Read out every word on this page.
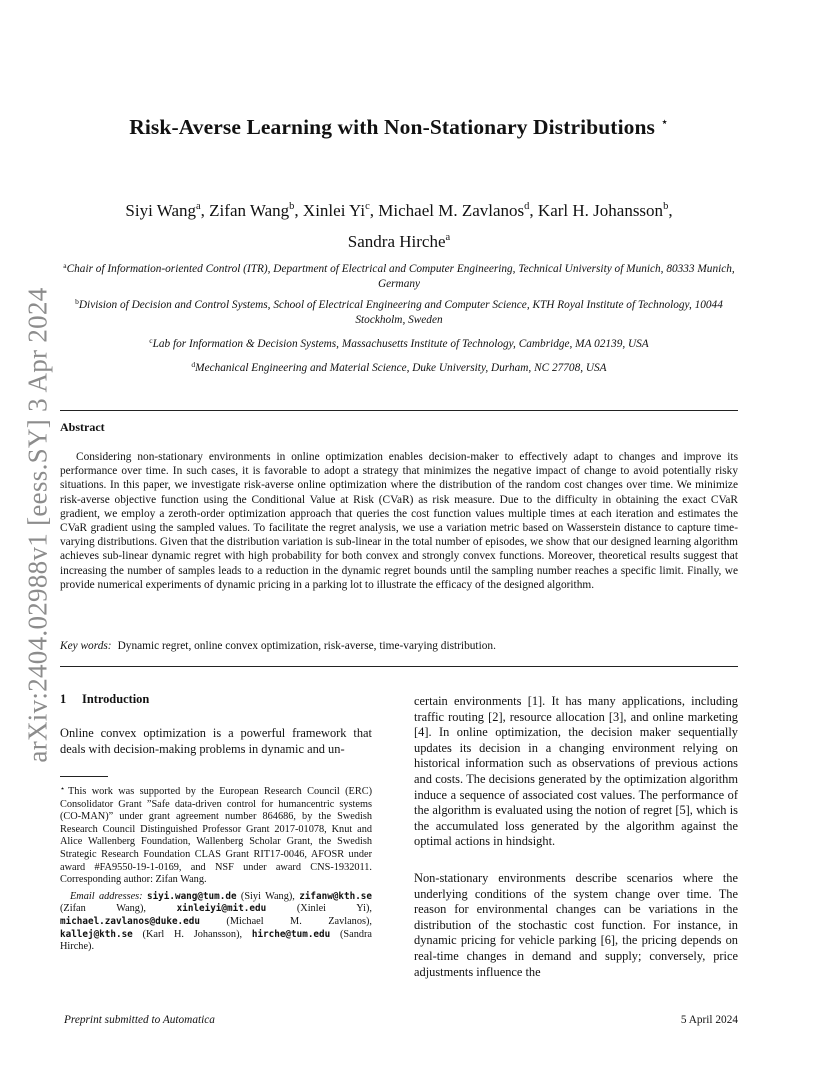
arXiv:2404.02988v1 [eess.SY] 3 Apr 2024
Risk-Averse Learning with Non-Stationary Distributions ⋆
Siyi Wang$^a$, Zifan Wang$^b$, Xinlei Yi$^c$, Michael M. Zavlanos$^d$, Karl H. Johansson$^b$,
Sandra Hirche$^a$
$^a$Chair of Information-oriented Control (ITR), Department of Electrical and Computer Engineering, Technical University of Munich, 80333 Munich, Germany
$^b$Division of Decision and Control Systems, School of Electrical Engineering and Computer Science, KTH Royal Institute of Technology, 10044 Stockholm, Sweden
$^c$Lab for Information & Decision Systems, Massachusetts Institute of Technology, Cambridge, MA 02139, USA
$^d$Mechanical Engineering and Material Science, Duke University, Durham, NC 27708, USA
Abstract
Considering non-stationary environments in online optimization enables decision-maker to effectively adapt to changes and improve its performance over time. In such cases, it is favorable to adopt a strategy that minimizes the negative impact of change to avoid potentially risky situations. In this paper, we investigate risk-averse online optimization where the distribution of the random cost changes over time. We minimize risk-averse objective function using the Conditional Value at Risk (CVaR) as risk measure. Due to the difficulty in obtaining the exact CVaR gradient, we employ a zeroth-order optimization approach that queries the cost function values multiple times at each iteration and estimates the CVaR gradient using the sampled values. To facilitate the regret analysis, we use a variation metric based on Wasserstein distance to capture time-varying distributions. Given that the distribution variation is sub-linear in the total number of episodes, we show that our designed learning algorithm achieves sub-linear dynamic regret with high probability for both convex and strongly convex functions. Moreover, theoretical results suggest that increasing the number of samples leads to a reduction in the dynamic regret bounds until the sampling number reaches a specific limit. Finally, we provide numerical experiments of dynamic pricing in a parking lot to illustrate the efficacy of the designed algorithm.
Key words: Dynamic regret, online convex optimization, risk-averse, time-varying distribution.
1 Introduction
Online convex optimization is a powerful framework that deals with decision-making problems in dynamic and un-
⋆ This work was supported by the European Research Council (ERC) Consolidator Grant ”Safe data-driven control for humancentric systems (CO-MAN)” under grant agreement number 864686, by the Swedish Research Council Distinguished Professor Grant 2017-01078, Knut and Alice Wallenberg Foundation, Wallenberg Scholar Grant, the Swedish Strategic Research Foundation CLAS Grant RIT17-0046, AFOSR under award #FA9550-19-1-0169, and NSF under award CNS-1932011. Corresponding author: Zifan Wang.
Email addresses: siyi.wang@tum.de (Siyi Wang), zifanw@kth.se (Zifan Wang),	xinleiyi@mit.edu (Xinlei Yi), michael.zavlanos@duke.edu (Michael M. Zavlanos), kallej@kth.se (Karl H. Johansson), hirche@tum.edu (Sandra Hirche).
certain environments [1]. It has many applications, including traffic routing [2], resource allocation [3], and online marketing [4]. In online optimization, the decision maker sequentially updates its decision in a changing environment relying on historical information such as observations of previous actions and costs. The decisions generated by the optimization algorithm induce a sequence of associated cost values. The performance of the algorithm is evaluated using the notion of regret [5], which is the accumulated loss generated by the algorithm against the optimal actions in hindsight.
Non-stationary environments describe scenarios where the underlying conditions of the system change over time. The reason for environmental changes can be variations in the distribution of the stochastic cost function. For instance, in dynamic pricing for vehicle parking [6], the pricing depends on real-time changes in demand and supply; conversely, price adjustments influence the
Preprint submitted to Automatica	5 April 2024
